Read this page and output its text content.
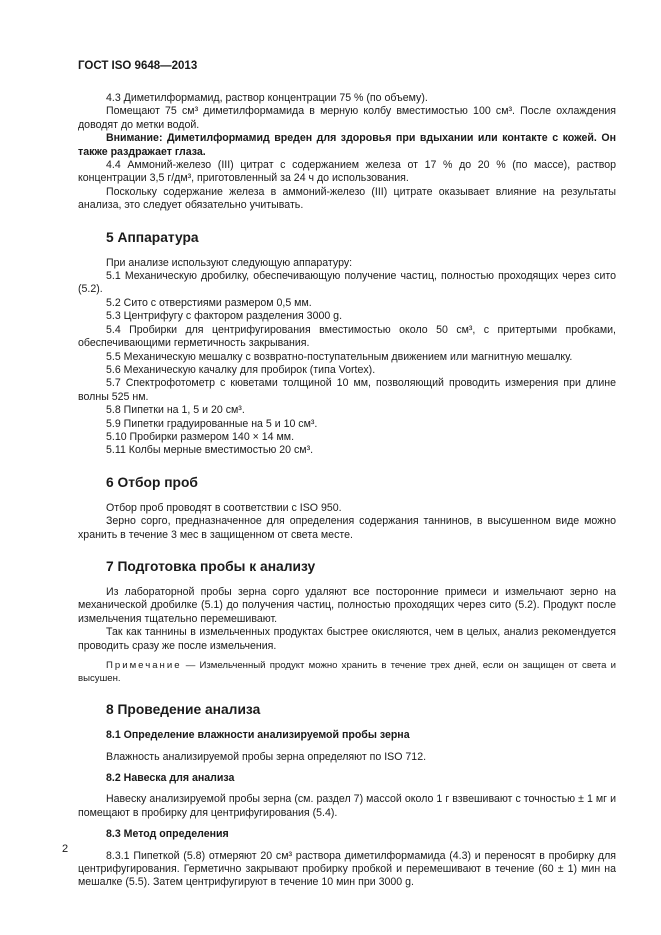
ГОСТ ISO 9648—2013

4.3 Диметилформамид, раствор концентрации 75 % (по объему).

Помещают 75 см³ диметилформамида в мерную колбу вместимостью 100 см³. После охлаждения доводят до метки водой.

Внимание: Диметилформамид вреден для здоровья при вдыхании или контакте с кожей. Он также раздражает глаза.

4.4 Аммоний-железо (III) цитрат с содержанием железа от 17 % до 20 % (по массе), раствор концентрации 3,5 г/дм³, приготовленный за 24 ч до использования.

Поскольку содержание железа в аммоний-железо (III) цитрате оказывает влияние на результаты анализа, это следует обязательно учитывать.

5 Аппаратура

При анализе используют следующую аппаратуру:

5.1 Механическую дробилку, обеспечивающую получение частиц, полностью проходящих через сито (5.2).

5.2 Сито с отверстиями размером 0,5 мм.

5.3 Центрифугу с фактором разделения 3000 g.

5.4 Пробирки для центрифугирования вместимостью около 50 см³, с притертыми пробками, обеспечивающими герметичность закрывания.

5.5 Механическую мешалку с возвратно-поступательным движением или магнитную мешалку.

5.6 Механическую качалку для пробирок (типа Vortex).

5.7 Спектрофотометр с кюветами толщиной 10 мм, позволяющий проводить измерения при длине волны 525 нм.

5.8 Пипетки на 1, 5 и 20 см³.

5.9 Пипетки градуированные на 5 и 10 см³.

5.10 Пробирки размером 140 × 14 мм.

5.11 Колбы мерные вместимостью 20 см³.

6 Отбор проб

Отбор проб проводят в соответствии с ISO 950.

Зерно сорго, предназначенное для определения содержания таннинов, в высушенном виде можно хранить в течение 3 мес в защищенном от света месте.

7 Подготовка пробы к анализу

Из лабораторной пробы зерна сорго удаляют все посторонние примеси и измельчают зерно на механической дробилке (5.1) до получения частиц, полностью проходящих через сито (5.2). Продукт после измельчения тщательно перемешивают.

Так как таннины в измельченных продуктах быстрее окисляются, чем в целых, анализ рекомендуется проводить сразу же после измельчения.

Примечание — Измельченный продукт можно хранить в течение трех дней, если он защищен от света и высушен.

8 Проведение анализа
8.1 Определение влажности анализируемой пробы зерна

Влажность анализируемой пробы зерна определяют по ISO 712.

8.2 Навеска для анализа

Навеску анализируемой пробы зерна (см. раздел 7) массой около 1 г взвешивают с точностью ± 1 мг и помещают в пробирку для центрифугирования (5.4).

8.3 Метод определения

8.3.1 Пипеткой (5.8) отмеряют 20 см³ раствора диметилформамида (4.3) и переносят в пробирку для центрифугирования. Герметично закрывают пробирку пробкой и перемешивают в течение (60 ± 1) мин на мешалке (5.5). Затем центрифугируют в течение 10 мин при 3000 g.

2
